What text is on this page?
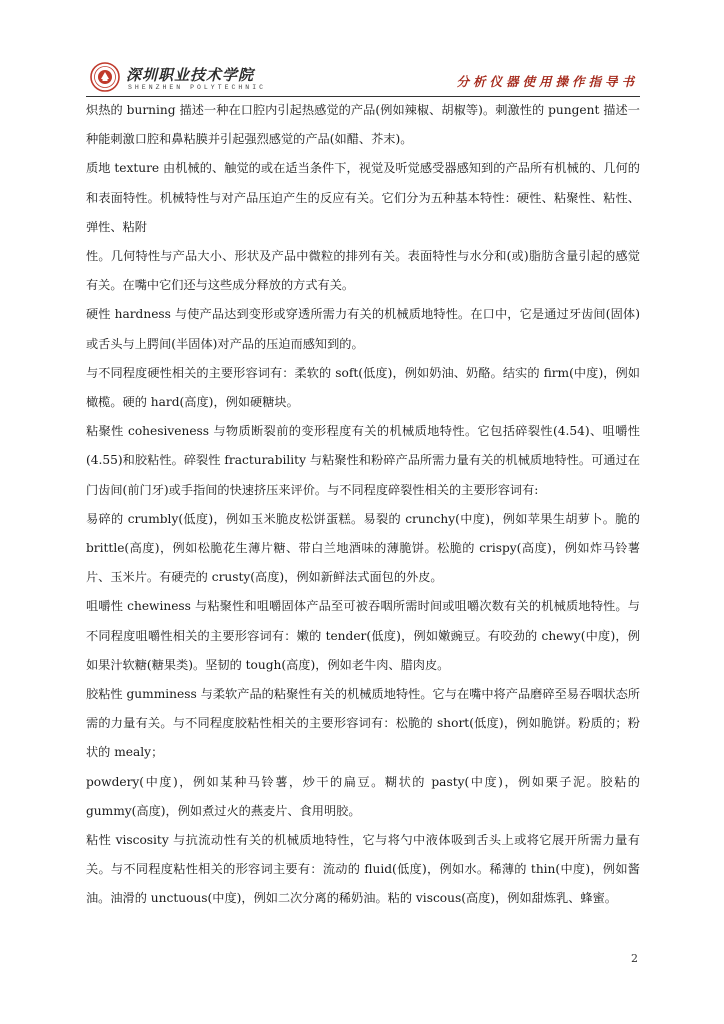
深圳职业技术学院
SHENZHEN POLYTECHNIC	分析仪器使用操作指导书

炽热的 burning 描述一种在口腔内引起热感觉的产品(例如辣椒、胡椒等)。刺激性的 pungent 描述一种能刺激口腔和鼻粘膜并引起强烈感觉的产品(如醋、芥末)。

质地 texture 由机械的、触觉的或在适当条件下，视觉及听觉感受器感知到的产品所有机械的、几何的和表面特性。机械特性与对产品压迫产生的反应有关。它们分为五种基本特性：硬性、粘聚性、粘性、弹性、粘附

性。几何特性与产品大小、形状及产品中微粒的排列有关。表面特性与水分和(或)脂肪含量引起的感觉有关。在嘴中它们还与这些成分释放的方式有关。

硬性 hardness 与使产品达到变形或穿透所需力有关的机械质地特性。在口中，它是通过牙齿间(固体)或舌头与上腭间(半固体)对产品的压迫而感知到的。

与不同程度硬性相关的主要形容词有：柔软的 soft(低度)，例如奶油、奶酪。结实的 firm(中度)，例如橄榄。硬的 hard(高度)，例如硬糖块。

粘聚性 cohesiveness 与物质断裂前的变形程度有关的机械质地特性。它包括碎裂性(4.54)、咀嚼性(4.55)和胶粘性。碎裂性 fracturability 与粘聚性和粉碎产品所需力量有关的机械质地特性。可通过在门齿间(前门牙)或手指间的快速挤压来评价。与不同程度碎裂性相关的主要形容词有:

易碎的 crumbly(低度)，例如玉米脆皮松饼蛋糕。易裂的 crunchy(中度)，例如苹果生胡萝卜。脆的 brittle(高度)，例如松脆花生薄片糖、带白兰地酒味的薄脆饼。松脆的 crispy(高度)，例如炸马铃薯片、玉米片。有硬壳的 crusty(高度)，例如新鲜法式面包的外皮。

咀嚼性 chewiness 与粘聚性和咀嚼固体产品至可被吞咽所需时间或咀嚼次数有关的机械质地特性。与不同程度咀嚼性相关的主要形容词有：嫩的 tender(低度)，例如嫩豌豆。有咬劲的 chewy(中度)，例如果汁软糖(糖果类)。坚韧的 tough(高度)，例如老牛肉、腊肉皮。

胶粘性 gumminess 与柔软产品的粘聚性有关的机械质地特性。它与在嘴中将产品磨碎至易吞咽状态所需的力量有关。与不同程度胶粘性相关的主要形容词有：松脆的 short(低度)，例如脆饼。粉质的；粉状的 mealy；

powdery(中度)，例如某种马铃薯，炒干的扁豆。糊状的 pasty(中度)，例如栗子泥。胶粘的 gummy(高度)，例如煮过火的燕麦片、食用明胶。

粘性 viscosity 与抗流动性有关的机械质地特性，它与将勺中液体吸到舌头上或将它展开所需力量有关。与不同程度粘性相关的形容词主要有：流动的 fluid(低度)，例如水。稀薄的 thin(中度)，例如酱油。油滑的 unctuous(中度)，例如二次分离的稀奶油。粘的 viscous(高度)，例如甜炼乳、蜂蜜。

2
